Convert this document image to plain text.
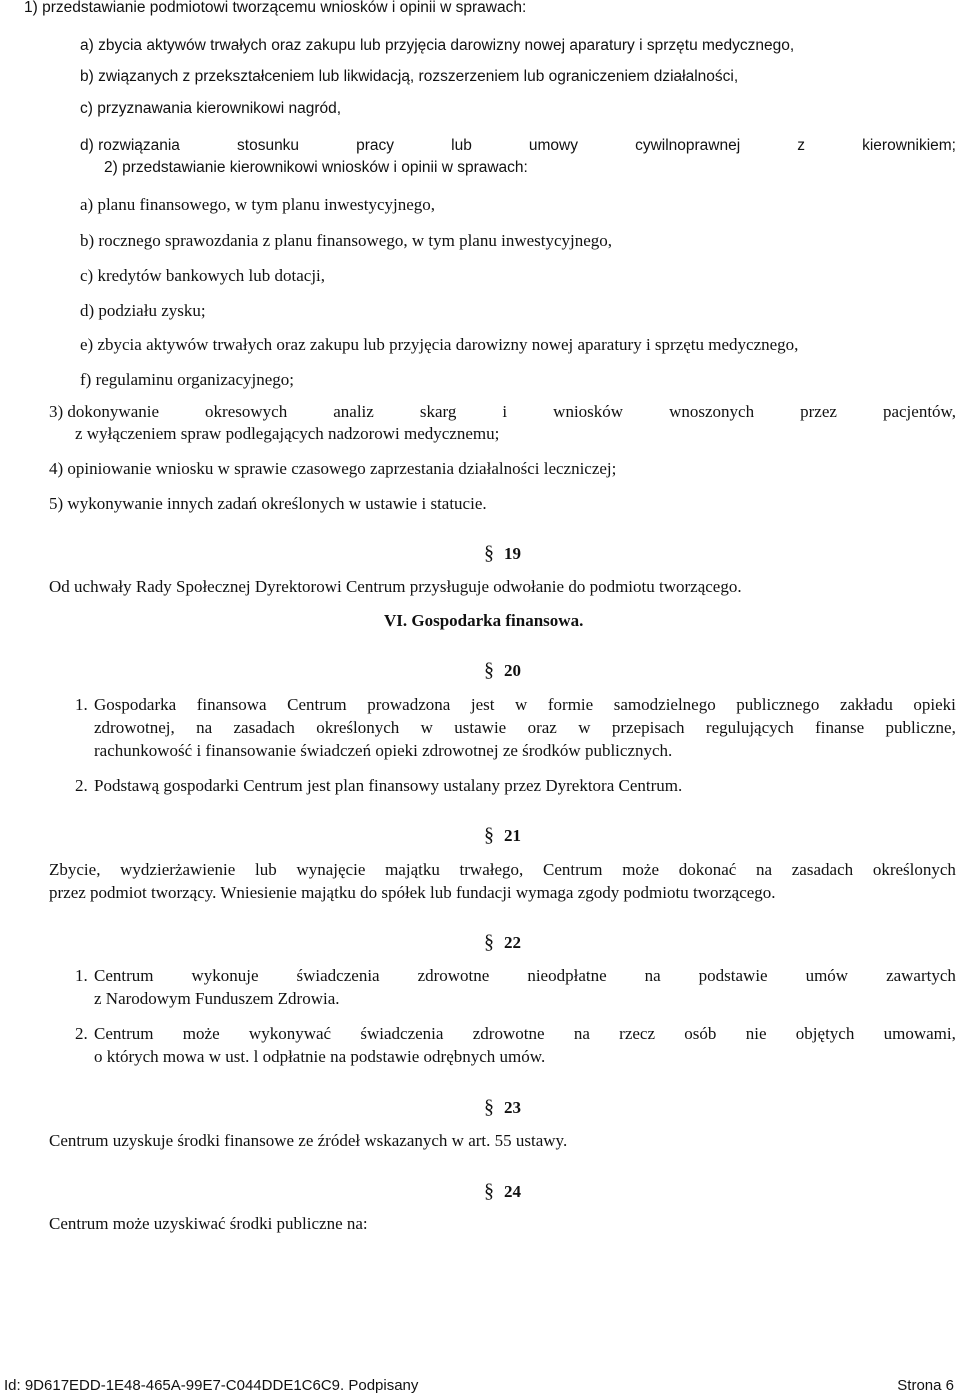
1) przedstawianie podmiotowi tworzącemu wniosków i opinii w sprawach:
a) zbycia aktywów trwałych oraz zakupu lub przyjęcia darowizny nowej aparatury i sprzętu medycznego,
b) związanych z przekształceniem lub likwidacją, rozszerzeniem lub ograniczeniem działalności,
c) przyznawania kierownikowi nagród,
d) rozwiązania	stosunku	pracy	lub	umowy	cywilnoprawnej	z	kierownikiem;
2) przedstawianie kierownikowi wniosków i opinii w sprawach:
a) planu finansowego, w tym planu inwestycyjnego,
b) rocznego sprawozdania z planu finansowego, w tym planu inwestycyjnego,
c) kredytów bankowych lub dotacji,
d) podziału zysku;
e) zbycia aktywów trwałych oraz zakupu lub przyjęcia darowizny nowej aparatury i sprzętu medycznego,
f) regulaminu organizacyjnego;
3) dokonywanie	okresowych	analiz	skarg	i	wniosków	wnoszonych	przez	pacjentów,
z wyłączeniem spraw podlegających nadzorowi medycznemu;
4) opiniowanie wniosku w sprawie czasowego zaprzestania działalności leczniczej;
5) wykonywanie innych zadań określonych w ustawie i statucie.
§ 19
Od uchwały Rady Społecznej Dyrektorowi Centrum przysługuje odwołanie do podmiotu tworzącego.
VI. Gospodarka finansowa.
§ 20
1. Gospodarka finansowa Centrum prowadzona jest w formie samodzielnego publicznego zakładu opieki
zdrowotnej, na zasadach określonych w ustawie oraz w przepisach regulujących finanse publiczne,
rachunkowość i finansowanie świadczeń opieki zdrowotnej ze środków publicznych.
2. Podstawą gospodarki Centrum jest plan finansowy ustalany przez Dyrektora Centrum.
§ 21
Zbycie, wydzierżawienie lub wynajęcie majątku trwałego, Centrum może dokonać na zasadach określonych
przez podmiot tworzący. Wniesienie majątku do spółek lub fundacji wymaga zgody podmiotu tworzącego.
§ 22
1. Centrum wykonuje świadczenia zdrowotne nieodpłatne na podstawie umów zawartych
z Narodowym Funduszem Zdrowia.
2. Centrum może wykonywać świadczenia zdrowotne na rzecz osób nie objętych umowami,
o których mowa w ust. l odpłatnie na podstawie odrębnych umów.
§ 23
Centrum uzyskuje środki finansowe ze źródeł wskazanych w art. 55 ustawy.
§ 24
Centrum może uzyskiwać środki publiczne na:
Id: 9D617EDD-1E48-465A-99E7-C044DDE1C6C9. Podpisany	Strona 6
